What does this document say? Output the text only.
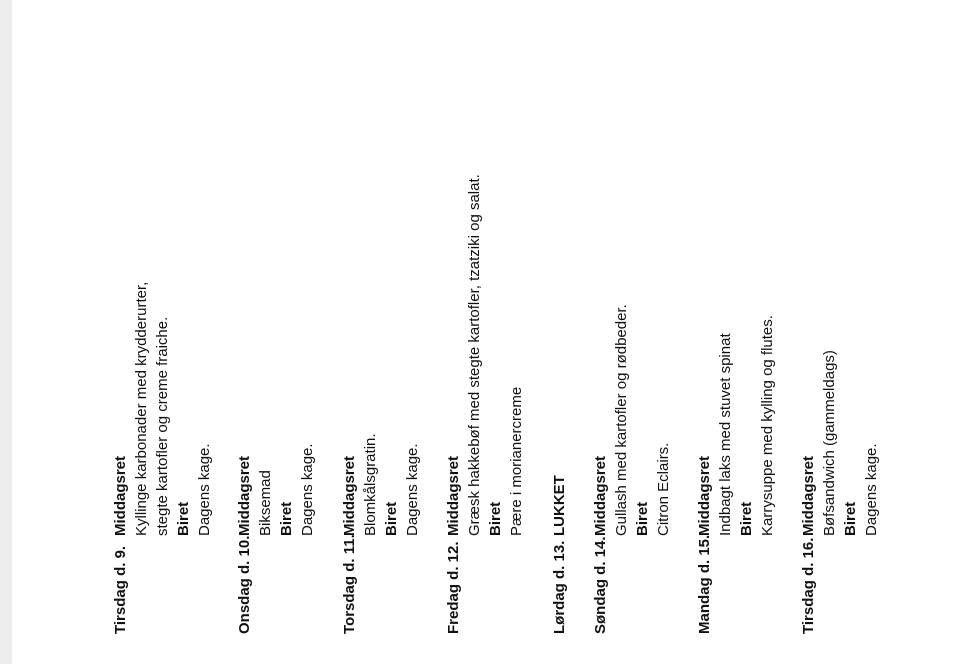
Tirsdag d. 9.
Middagsret Kyllinge karbonader med krydderurter, stegte kartofler og creme fraiche. Biret Dagens kage.
Onsdag d. 10.
Middagsret Biksemad Biret Dagens kage.
Torsdag d. 11.
Middagsret Blomkålsgratin. Biret Dagens kage.
Fredag d. 12.
Middagsret Græsk hakkebøf med stegte kartofler, tzatziki og salat. Biret Pære i morianercreme
Lørdag d. 13.
LUKKET
Søndag d. 14.
Middagsret Gullash med kartofler og rødbeder. Biret Citron Eclairs.
Mandag d. 15.
Middagsret Indbagt laks med stuvet spinat Biret Karrysuppe med kylling og flutes.
Tirsdag d. 16.
Middagsret Bøfsandwich (gammeldags) Biret Dagens kage.
